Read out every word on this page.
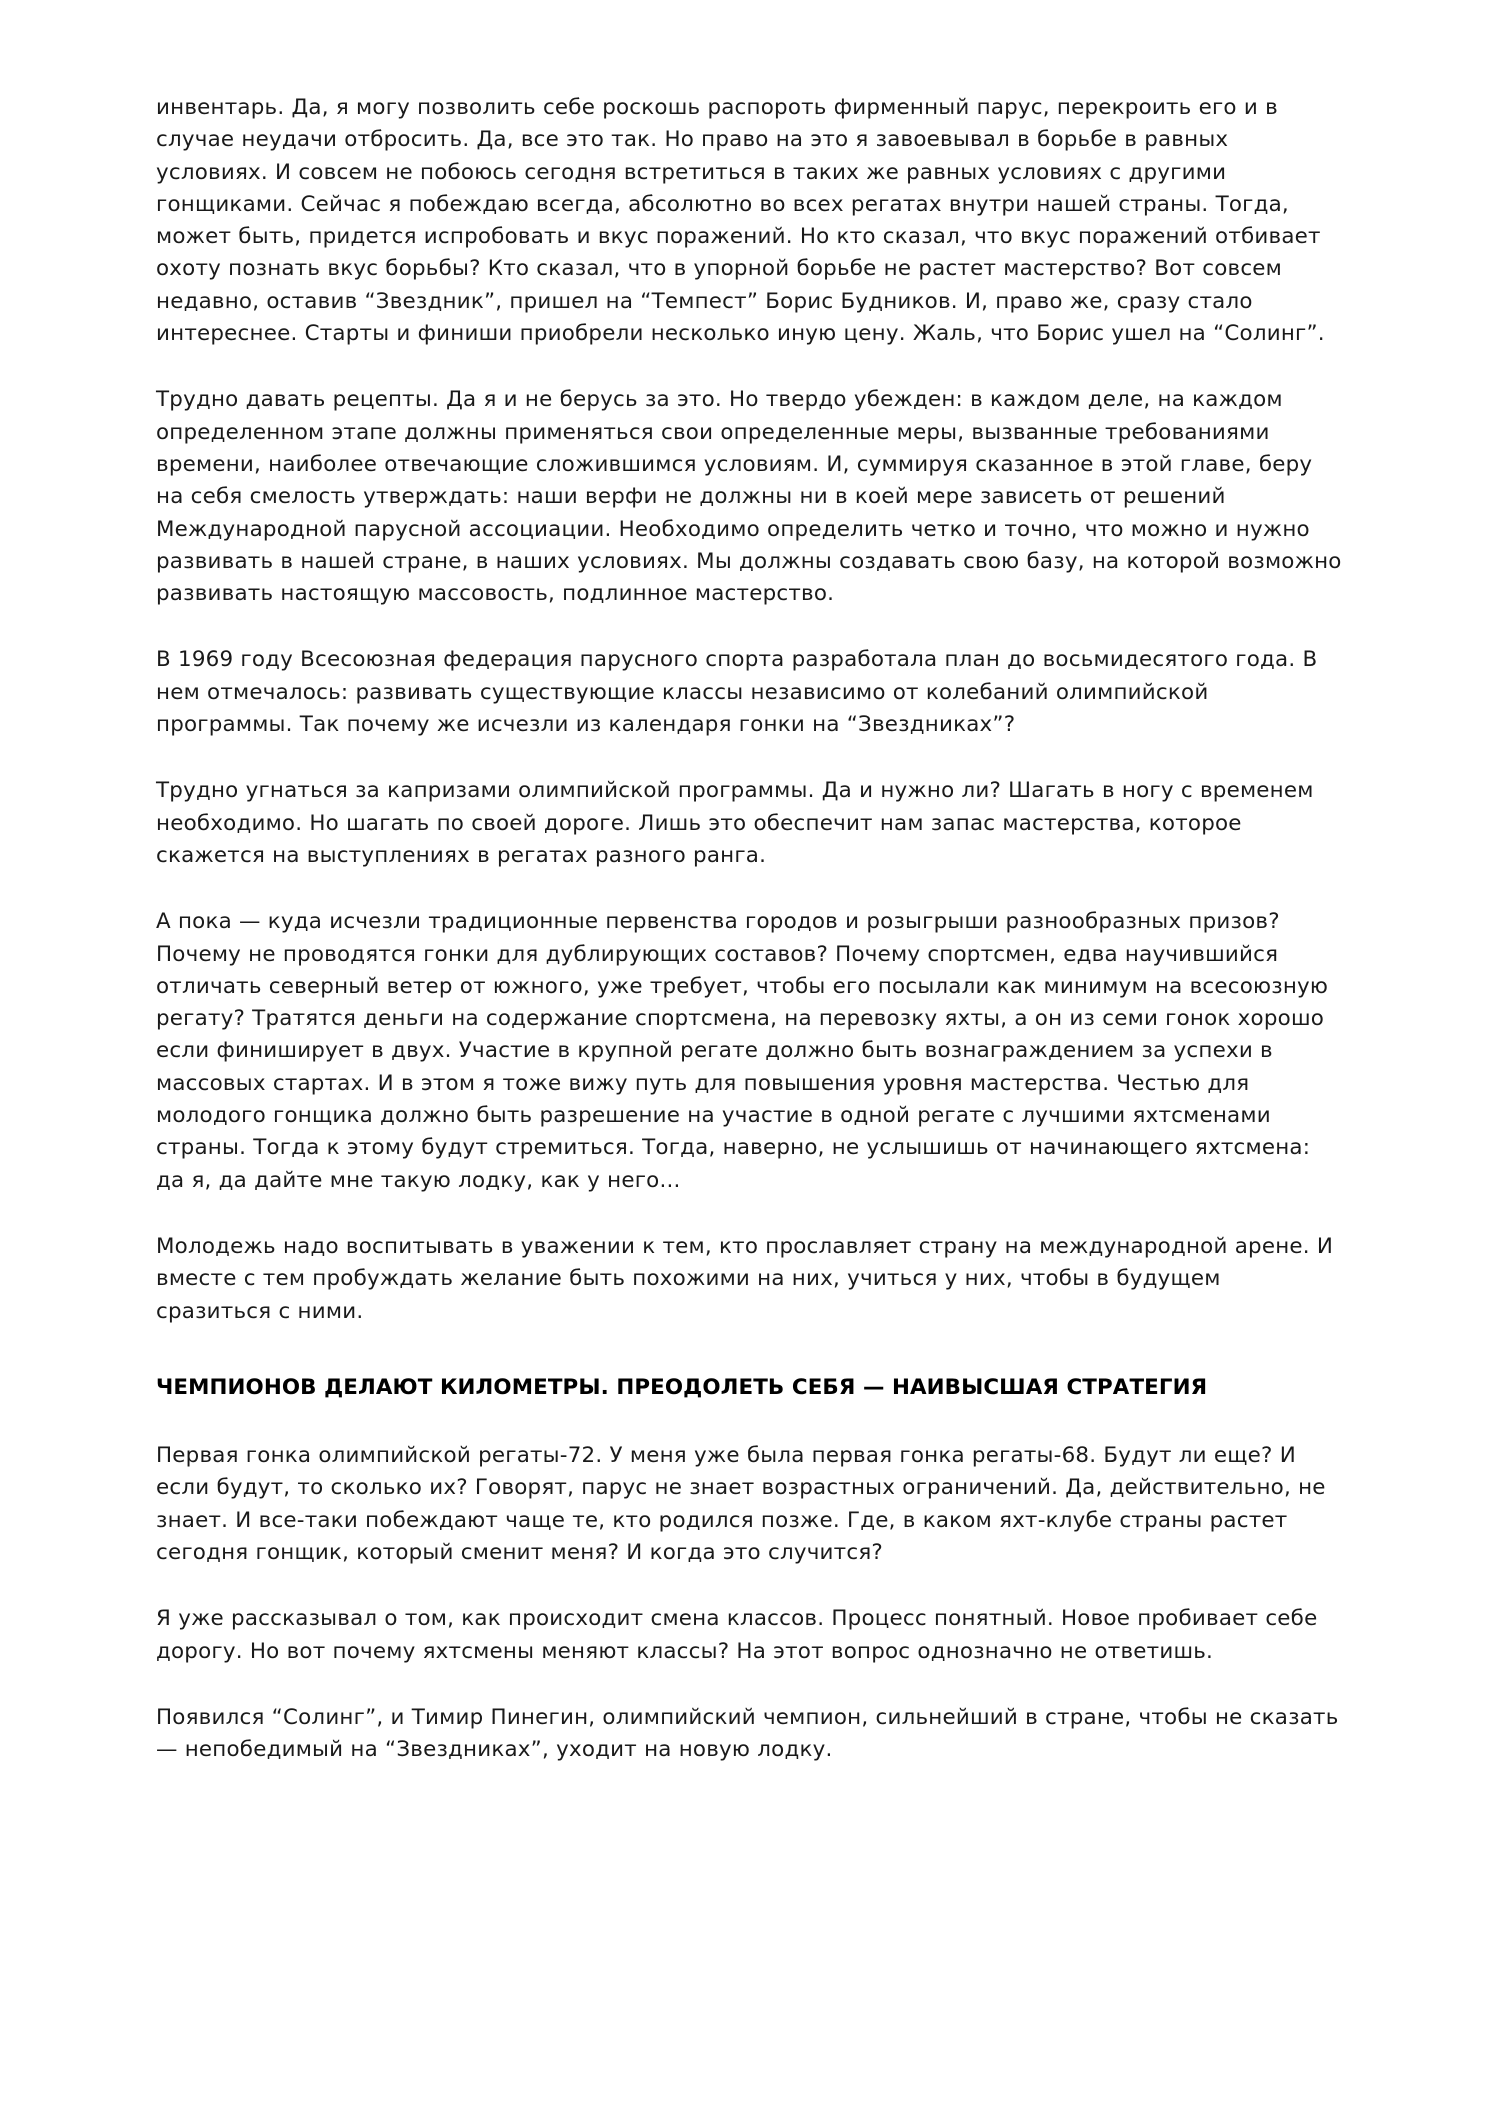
инвентарь. Да, я могу позволить себе роскошь распороть фирменный парус, перекроить его и в случае неудачи отбросить. Да, все это так. Но право на это я завоевывал в борьбе в равных условиях. И совсем не побоюсь сегодня встретиться в таких же равных условиях с другими гонщиками. Сейчас я побеждаю всегда, абсолютно во всех регатах внутри нашей страны. Тогда, может быть, придется испробовать и вкус поражений. Но кто сказал, что вкус поражений отбивает охоту познать вкус борьбы? Кто сказал, что в упорной борьбе не растет мастерство? Вот совсем недавно, оставив “Звездник”, пришел на “Темпест” Борис Будников. И, право же, сразу стало интереснее. Старты и финиши приобрели несколько иную цену. Жаль, что Борис ушел на “Солинг”.

Трудно давать рецепты. Да я и не берусь за это. Но твердо убежден: в каждом деле, на каждом определенном этапе должны применяться свои определенные меры, вызванные требованиями времени, наиболее отвечающие сложившимся условиям. И, суммируя сказанное в этой главе, беру на себя смелость утверждать: наши верфи не должны ни в коей мере зависеть от решений Международной парусной ассоциации. Необходимо определить четко и точно, что можно и нужно развивать в нашей стране, в наших условиях. Мы должны создавать свою базу, на которой возможно развивать настоящую массовость, подлинное мастерство.

В 1969 году Всесоюзная федерация парусного спорта разработала план до восьмидесятого года. В нем отмечалось: развивать существующие классы независимо от колебаний олимпийской программы. Так почему же исчезли из календаря гонки на “Звездниках”?

Трудно угнаться за капризами олимпийской программы. Да и нужно ли? Шагать в ногу с временем необходимо. Но шагать по своей дороге. Лишь это обеспечит нам запас мастерства, которое скажется на выступлениях в регатах разного ранга.

А пока — куда исчезли традиционные первенства городов и розыгрыши разнообразных призов? Почему не проводятся гонки для дублирующих составов? Почему спортсмен, едва научившийся отличать северный ветер от южного, уже требует, чтобы его посылали как минимум на всесоюзную регату? Тратятся деньги на содержание спортсмена, на перевозку яхты, а он из семи гонок хорошо если финиширует в двух. Участие в крупной регате должно быть вознаграждением за успехи в массовых стартах. И в этом я тоже вижу путь для повышения уровня мастерства. Честью для молодого гонщика должно быть разрешение на участие в одной регате с лучшими яхтсменами страны. Тогда к этому будут стремиться. Тогда, наверно, не услышишь от начинающего яхтсмена: да я, да дайте мне такую лодку, как у него...

Молодежь надо воспитывать в уважении к тем, кто прославляет страну на международной арене. И вместе с тем пробуждать желание быть похожими на них, учиться у них, чтобы в будущем сразиться с ними.

ЧЕМПИОНОВ ДЕЛАЮТ КИЛОМЕТРЫ. ПРЕОДОЛЕТЬ СЕБЯ — НАИВЫСШАЯ СТРАТЕГИЯ

Первая гонка олимпийской регаты-72. У меня уже была первая гонка регаты-68. Будут ли еще? И если будут, то сколько их? Говорят, парус не знает возрастных ограничений. Да, действительно, не знает. И все-таки побеждают чаще те, кто родился позже. Где, в каком яхт-клубе страны растет сегодня гонщик, который сменит меня? И когда это случится?

Я уже рассказывал о том, как происходит смена классов. Процесс понятный. Новое пробивает себе дорогу. Но вот почему яхтсмены меняют классы? На этот вопрос однозначно не ответишь.

Появился “Солинг”, и Тимир Пинегин, олимпийский чемпион, сильнейший в стране, чтобы не сказать — непобедимый на “Звездниках”, уходит на новую лодку.
